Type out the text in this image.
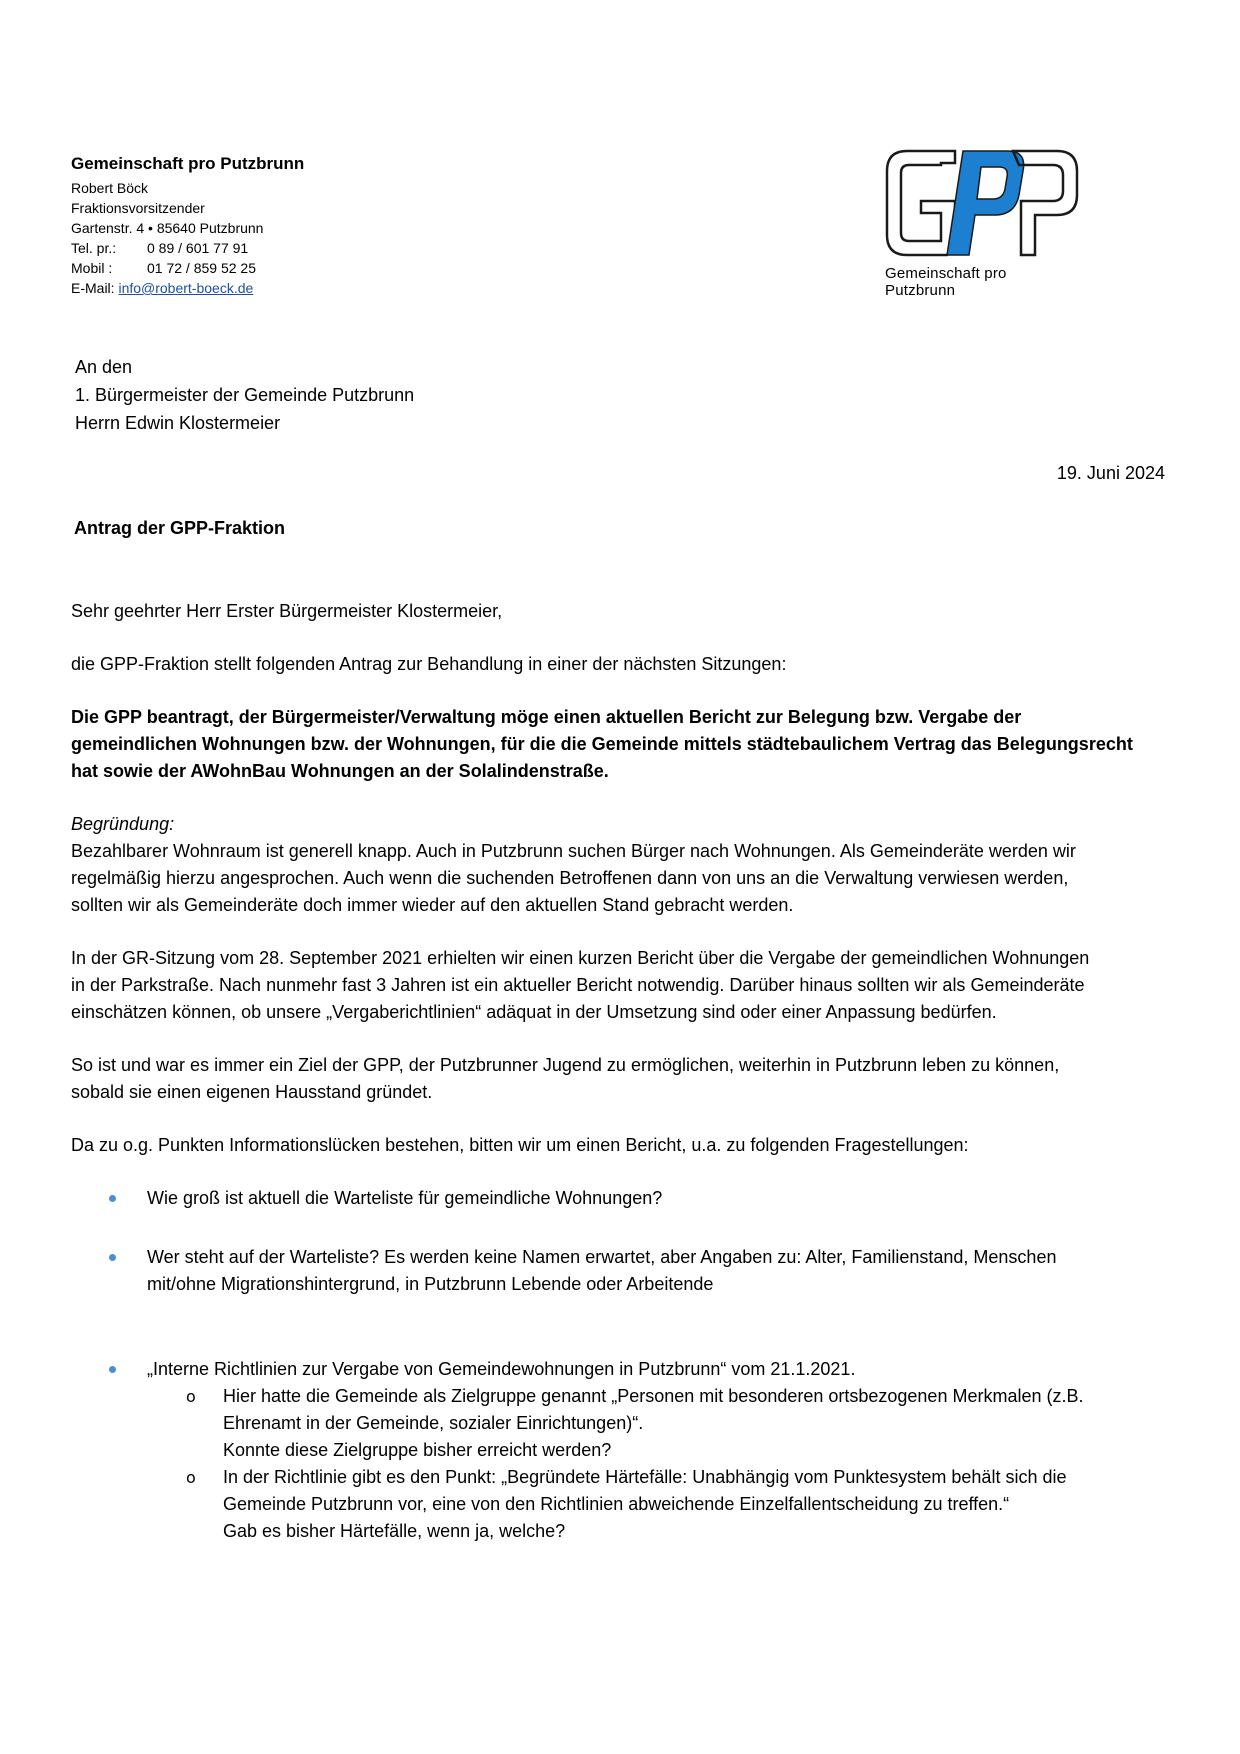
Gemeinschaft pro Putzbrunn
Robert Böck
Fraktionsvorsitzender
Gartenstr. 4 • 85640 Putzbrunn
Tel. pr.: 0 89 / 601 77 91
Mobil : 01 72 / 859 52 25
E-Mail: info@robert-boeck.de
Gemeinschaft pro Putzbrunn
An den
1. Bürgermeister der Gemeinde Putzbrunn
Herrn Edwin Klostermeier
19. Juni 2024
Antrag der GPP-Fraktion

Sehr geehrter Herr Erster Bürgermeister Klostermeier,

die GPP-Fraktion stellt folgenden Antrag zur Behandlung in einer der nächsten Sitzungen:

Die GPP beantragt, der Bürgermeister/Verwaltung möge einen aktuellen Bericht zur Belegung bzw. Vergabe der
gemeindlichen Wohnungen bzw. der Wohnungen, für die die Gemeinde mittels städtebaulichem Vertrag das Belegungsrecht
hat sowie der AWohnBau Wohnungen an der Solalindenstraße.
Begründung:
Bezahlbarer Wohnraum ist generell knapp. Auch in Putzbrunn suchen Bürger nach Wohnungen. Als Gemeinderäte werden wir
regelmäßig hierzu angesprochen. Auch wenn die suchenden Betroffenen dann von uns an die Verwaltung verwiesen werden,
sollten wir als Gemeinderäte doch immer wieder auf den aktuellen Stand gebracht werden.
In der GR-Sitzung vom 28. September 2021 erhielten wir einen kurzen Bericht über die Vergabe der gemeindlichen Wohnungen
in der Parkstraße. Nach nunmehr fast 3 Jahren ist ein aktueller Bericht notwendig. Darüber hinaus sollten wir als Gemeinderäte
einschätzen können, ob unsere „Vergaberichtlinien“ adäquat in der Umsetzung sind oder einer Anpassung bedürfen.
So ist und war es immer ein Ziel der GPP, der Putzbrunner Jugend zu ermöglichen, weiterhin in Putzbrunn leben zu können,
sobald sie einen eigenen Hausstand gründet.

Da zu o.g. Punkten Informationslücken bestehen, bitten wir um einen Bericht, u.a. zu folgenden Fragestellungen:

Wie groß ist aktuell die Warteliste für gemeindliche Wohnungen?
Wer steht auf der Warteliste? Es werden keine Namen erwartet, aber Angaben zu: Alter, Familienstand, Menschen
mit/ohne Migrationshintergrund, in Putzbrunn Lebende oder Arbeitende
„Interne Richtlinien zur Vergabe von Gemeindewohnungen in Putzbrunn“ vom 21.1.2021.
o Hier hatte die Gemeinde als Zielgruppe genannt „Personen mit besonderen ortsbezogenen Merkmalen (z.B.
Ehrenamt in der Gemeinde, sozialer Einrichtungen)“.
Konnte diese Zielgruppe bisher erreicht werden?
o In der Richtlinie gibt es den Punkt: „Begründete Härtefälle: Unabhängig vom Punktesystem behält sich die
Gemeinde Putzbrunn vor, eine von den Richtlinien abweichende Einzelfallentscheidung zu treffen.“
Gab es bisher Härtefälle, wenn ja, welche?
